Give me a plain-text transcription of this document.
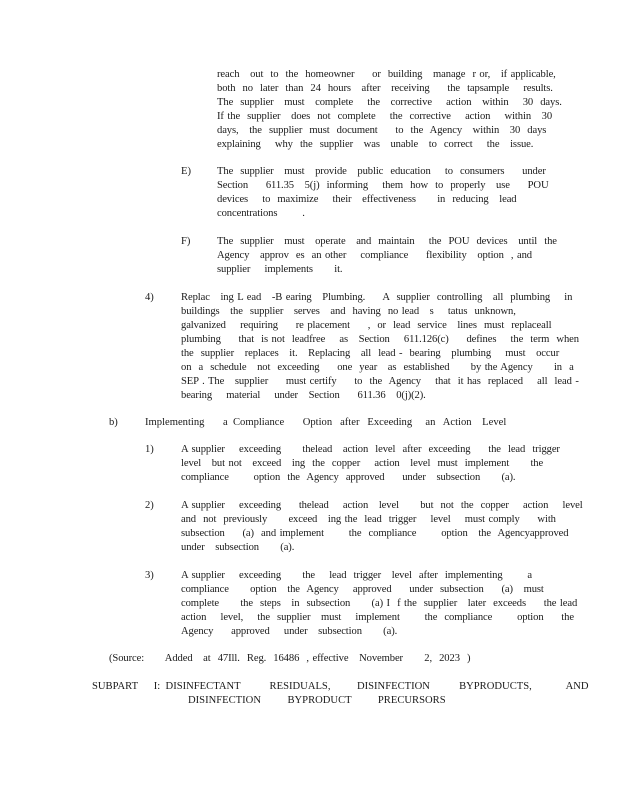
reach   out  to  the  homeowner     or  building   manage  r or,   if applicable,
both  no  later  than  24  hours   after   receiving     the  tapsample    results.
The  supplier   must   complete    the   corrective    action   within    30  days.
If the  supplier   does  not  complete    the  corrective    action    within   30
days,   the  supplier  must  document     to  the  Agency   within   30  days
explaining    why  the  supplier   was   unable   to  correct    the   issue.
E) The  supplier   must   provide   public  education    to  consumers     under
Section     611.35   5(j)  informing    them  how  to  properly   use     POU
devices    to  maximize    their   effectiveness      in  reducing   lead
concentrations       .
F)	The  supplier   must   operate   and  maintain    the  POU  devices   until  the
Agency   approv  es  an other    compliance     flexibility   option  , and
supplier    implements      it.
4)	Replac   ing L ead   -B earing   Plumbing.     A  supplier  controlling   all  plumbing    in
buildings   the  supplier   serves   and  having  no lead   s    tatus  unknown,
galvanized    requiring     re placement     ,  or  lead  service   lines  must  replaceall
plumbing     that  is not  leadfree    as   Section    611.126(c)     defines    the  term  when
the  supplier   replaces   it.   Replacing   all  lead -  bearing   plumbing    must   occur
on  a  schedule   not  exceeding     one  year   as  established      by the Agency      in  a
SEP . The   supplier     must certify     to  the  Agency    that  it has  replaced    all  lead -
bearing    material    under   Section     611.36   0(j)(2).
b)	Implementing       a  Compliance       Option   after   Exceeding     an   Action    Level
1)	A supplier    exceeding      thelead   action  level  after  exceeding     the  lead  trigger
level   but not   exceed   ing  the  copper    action   level  must  implement      the
compliance       option  the  Agency  approved     under   subsection      (a).
2)	A supplier    exceeding     thelead    action   level      but  not  the  copper    action    level
and  not  previously      exceed   ing the  lead  trigger    level    must comply     with
subsection     (a)  and implement       the  compliance       option   the  Agencyapproved
under   subsection      (a).
3)	A supplier    exceeding      the    lead  trigger   level  after  implementing       a
compliance      option   the  Agency    approved     under  subsection     (a)   must
complete      the  steps   in  subsection      (a) I  f the  supplier   later  exceeds     the lead
action    level,    the  supplier   must    implement       the  compliance       option     the
Agency     approved    under   subsection      (a).
(Source:      Added   at  47Ill.  Reg.  16486  , effective   November      2,  2023  )
SUBPART      I:  DISINFECTANT           RESIDUALS,          DISINFECTION           BYPRODUCTS,             AND
DISINFECTION          BYPRODUCT          PRECURSORS
